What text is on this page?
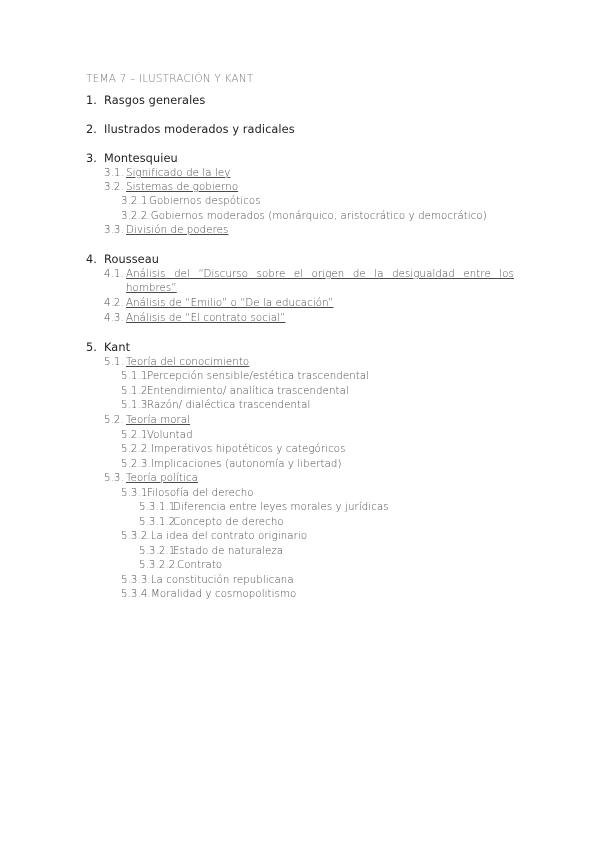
TEMA 7 – ILUSTRACIÓN Y KANT
1. Rasgos generales
2. Ilustrados moderados y radicales
3. Montesquieu
3.1. Significado de la ley
3.2. Sistemas de gobierno
3.2.1.Gobiernos despóticos
3.2.2.Gobiernos moderados (monárquico, aristocrático y democrático)
3.3. División de poderes
4. Rousseau
4.1. Análisis del “Discurso sobre el origen de la desigualdad entre los
hombres”
4.2. Análisis de “Emilio” o “De la educación”
4.3. Análisis de “El contrato social”
5. Kant
5.1. Teoría del conocimiento
5.1.1.Percepción sensible/estética trascendental
5.1.2.Entendimiento/ analítica trascendental
5.1.3.Razón/ dialéctica trascendental
5.2. Teoría moral
5.2.1.Voluntad
5.2.2.Imperativos hipotéticos y categóricos
5.2.3.Implicaciones (autonomía y libertad)
5.3. Teoría política
5.3.1.Filosofía del derecho
5.3.1.1.Diferencia entre leyes morales y jurídicas
5.3.1.2.Concepto de derecho
5.3.2.La idea del contrato originario
5.3.2.1.Estado de naturaleza
5.3.2.2.Contrato
5.3.3.La constitución republicana
5.3.4.Moralidad y cosmopolitismo
